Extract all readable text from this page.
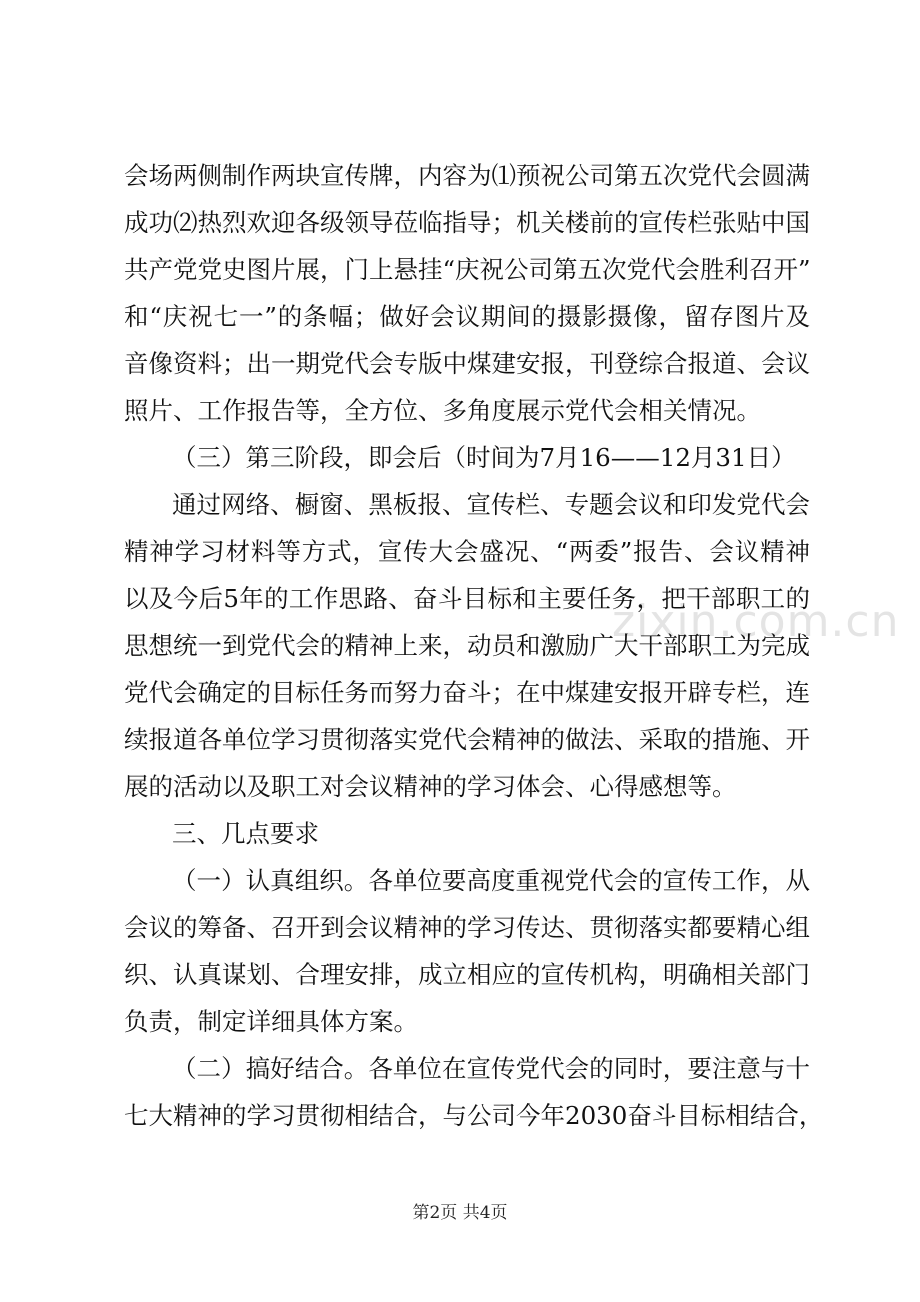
zixin.com.cn
会场两侧制作两块宣传牌，内容为⑴预祝公司第五次党代会圆满
成功⑵热烈欢迎各级领导莅临指导；机关楼前的宣传栏张贴中国
共产党党史图片展，门上悬挂“庆祝公司第五次党代会胜利召开”
和“庆祝七一”的条幅；做好会议期间的摄影摄像，留存图片及
音像资料；出一期党代会专版中煤建安报，刊登综合报道、会议
照片、工作报告等，全方位、多角度展示党代会相关情况。
（三）第三阶段，即会后（时间为7月16——12月31日）
通过网络、橱窗、黑板报、宣传栏、专题会议和印发党代会
精神学习材料等方式，宣传大会盛况、“两委”报告、会议精神
以及今后5年的工作思路、奋斗目标和主要任务，把干部职工的
思想统一到党代会的精神上来，动员和激励广大干部职工为完成
党代会确定的目标任务而努力奋斗；在中煤建安报开辟专栏，连
续报道各单位学习贯彻落实党代会精神的做法、采取的措施、开
展的活动以及职工对会议精神的学习体会、心得感想等。
三、几点要求
（一）认真组织。各单位要高度重视党代会的宣传工作，从
会议的筹备、召开到会议精神的学习传达、贯彻落实都要精心组
织、认真谋划、合理安排，成立相应的宣传机构，明确相关部门
负责，制定详细具体方案。
（二）搞好结合。各单位在宣传党代会的同时，要注意与十
七大精神的学习贯彻相结合，与公司今年2030奋斗目标相结合，
第2页 共4页
